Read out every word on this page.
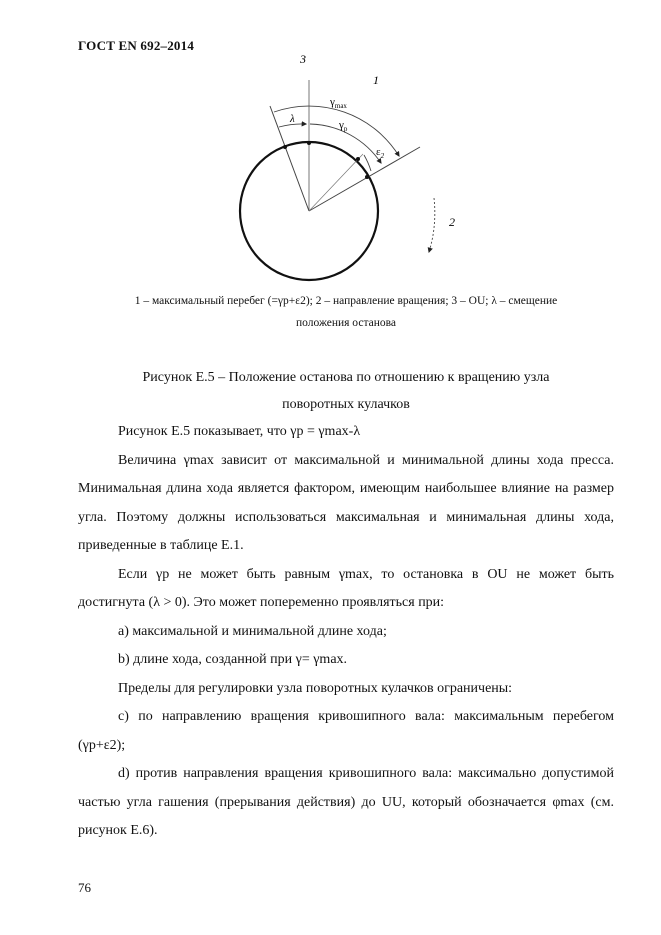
ГОСТ EN 692–2014
3
1
2
λ
$\gamma_{max}$
$\gamma_p$
$\varepsilon_2$
1 – максимальный перебег (=γp+ε2); 2 – направление вращения; 3 – OU; λ – смещение
положения останова
Рисунок Е.5 – Положение останова по отношению к вращению узла
поворотных кулачков

Рисунок Е.5 показывает, что γp = γmax-λ

Величина γmax зависит от максимальной и минимальной длины хода пресса. Минимальная длина хода является фактором, имеющим наибольшее влияние на размер угла. Поэтому должны использоваться максимальная и минимальная длины хода, приведенные в таблице Е.1.

Если γp не может быть равным γmax, то остановка в OU не может быть достигнута (λ > 0). Это может попеременно проявляться при:

a) максимальной и минимальной длине хода;

b) длине хода, созданной при γ= γmax.

Пределы для регулировки узла поворотных кулачков ограничены:

c) по направлению вращения кривошипного вала: максимальным перебегом (γp+ε2);

d) против направления вращения кривошипного вала: максимально допустимой частью угла гашения (прерывания действия) до UU, который обозначается φmax (см. рисунок Е.6).

76
